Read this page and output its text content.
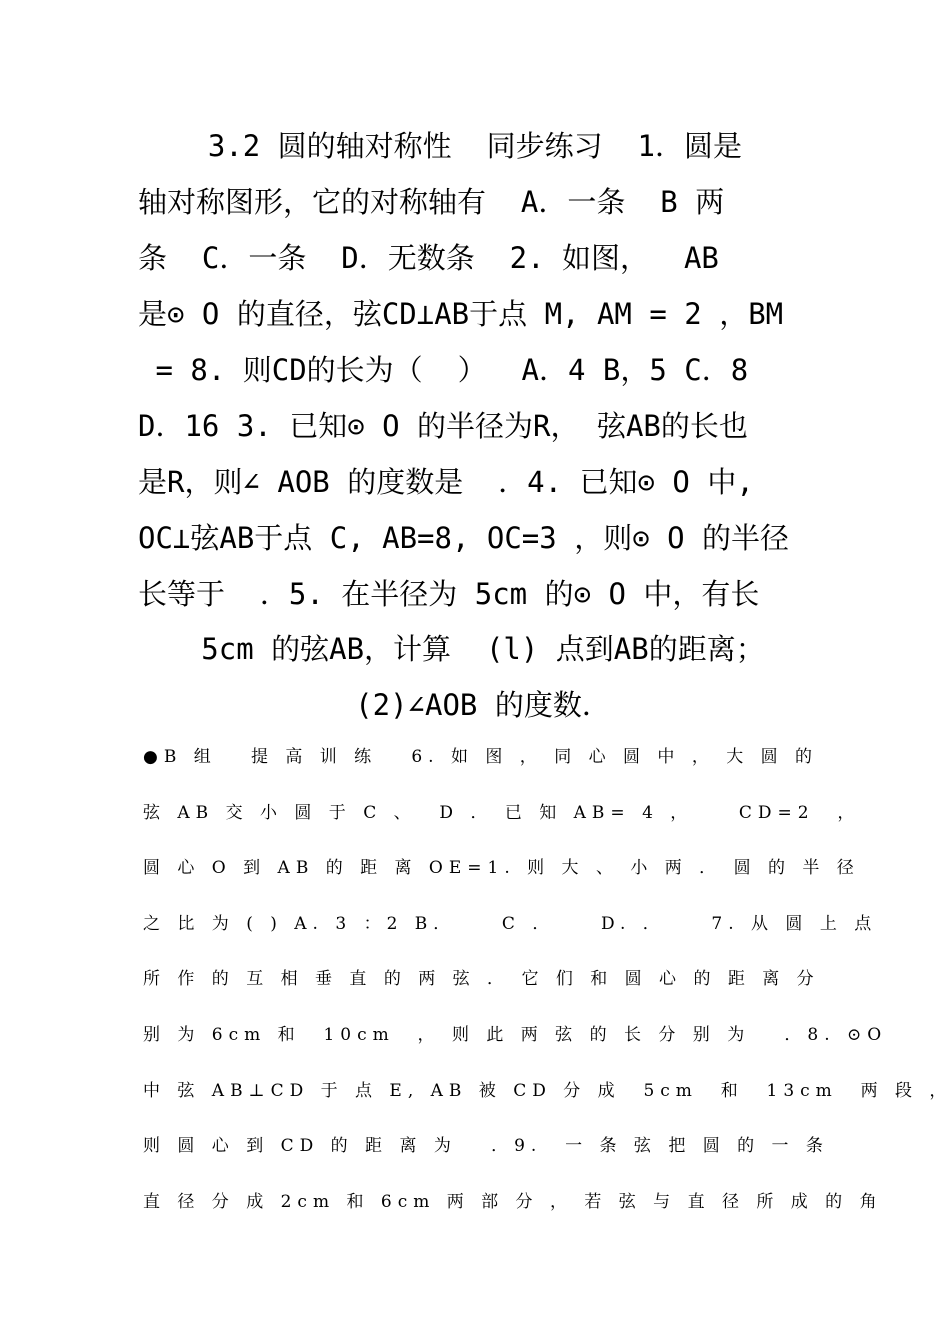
3.2 圆的轴对称性  同步练习  1．圆是
轴对称图形，它的对称轴有  A．一条  B 两
条  C．一条  D．无数条  2. 如图，  AB
是⊙ O 的直径，弦CD⊥AB于点 M, AM = 2 ，BM
= 8. 则CD的长为（  ）  A．4 B，5 C．8
D．16 3. 已知⊙ O 的半径为R， 弦AB的长也
是R，则∠ AOB 的度数是  ．4. 已知⊙ O 中,
OC⊥弦AB于点 C, AB=8, OC=3 ，则⊙ O 的半径
长等于  ．5. 在半径为 5cm 的⊙ O 中，有长
5cm 的弦AB，计算  (l) 点到AB的距离；
(2)∠AOB 的度数．
●B 组   提 高 训 练   6. 如 图 ， 同 心 圆 中 ， 大 圆 的
弦 AB 交 小 圆 于 C 、  D ． 已 知 AB= 4 ，    CD=2  ，
圆 心 O 到 AB 的 距 离 OE=1. 则 大 、 小 两 ． 圆 的 半 径
之 比 为 ( ) A. 3 ：2 B．    C ．    D. ．    7. 从 圆 上 点
所 作 的 互 相 垂 直 的 两 弦 ． 它 们 和 圆 心 的 距 离 分
别 为 6cm 和  10cm  ， 则 此 两 弦 的 长 分 别 为   ．8. ⊙O
中 弦 AB⊥CD 于 点 E, AB 被 CD 分 成  5cm  和  13cm  两 段 ，
则 圆 心 到 CD 的 距 离 为   ．9.  一 条 弦 把 圆 的 一 条
直 径 分 成 2cm 和 6cm 两 部 分 ， 若 弦 与 直 径 所 成 的 角
